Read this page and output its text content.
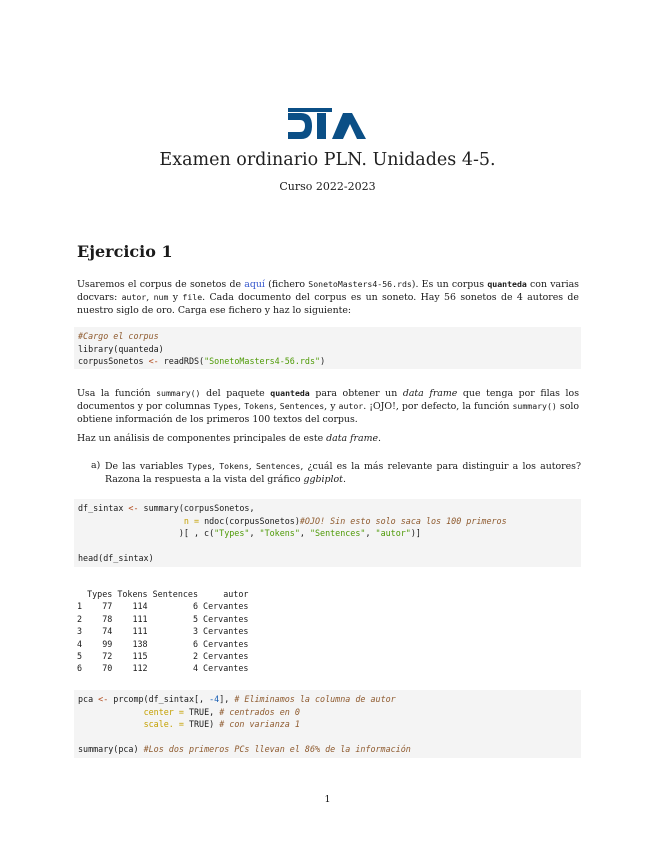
Examen ordinario PLN. Unidades 4-5.
Curso 2022-2023
Ejercicio 1
Usaremos el corpus de sonetos de aquí (fichero SonetoMasters4-56.rds). Es un corpus quanteda con varias docvars: autor, num y file. Cada documento del corpus es un soneto. Hay 56 sonetos de 4 autores de nuestro siglo de oro. Carga ese fichero y haz lo siguiente:
#Cargo el corpus
library(quanteda)
corpusSonetos <- readRDS("SonetoMasters4-56.rds")
Usa la función summary() del paquete quanteda para obtener un data frame que tenga por filas los documentos y por columnas Types, Tokens, Sentences, y autor. ¡OJO!, por defecto, la función summary() solo obtiene información de los primeros 100 textos del corpus.
Haz un análisis de componentes principales de este data frame.
a) De las variables Types, Tokens, Sentences, ¿cuál es la más relevante para distinguir a los autores? Razona la respuesta a la vista del gráfico ggbiplot.
df_sintax <- summary(corpusSonetos,
n = ndoc(corpusSonetos)#OJO! Sin esto solo saca los 100 primeros
)[ , c("Types", "Tokens", "Sentences", "autor")]

head(df_sintax)
Types Tokens Sentences     autor
1    77    114         6 Cervantes
2    78    111         5 Cervantes
3    74    111         3 Cervantes
4    99    138         6 Cervantes
5    72    115         2 Cervantes
6    70    112         4 Cervantes
pca <- prcomp(df_sintax[, -4], # Eliminamos la columna de autor
center = TRUE, # centrados en 0
scale. = TRUE) # con varianza 1

summary(pca) #Los dos primeros PCs llevan el 86% de la información
1
